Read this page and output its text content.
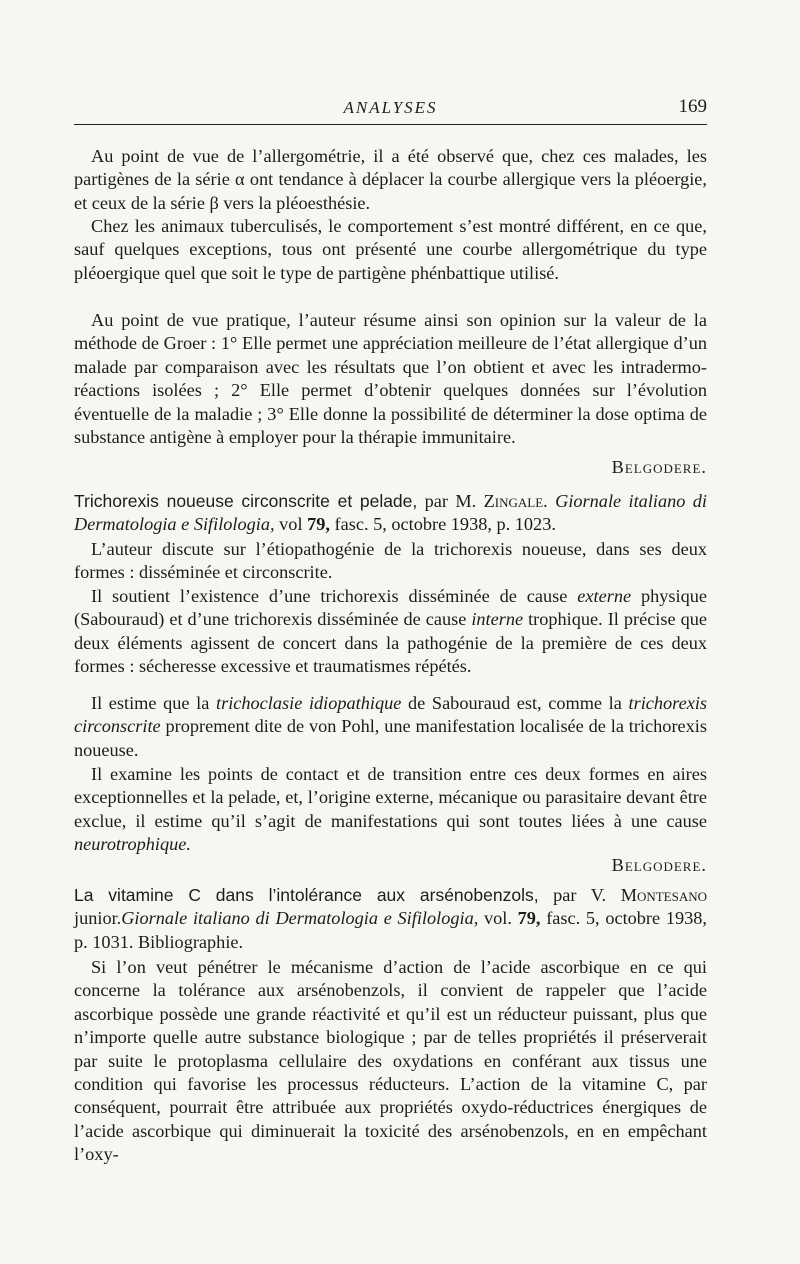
ANALYSES	169

Au point de vue de l’allergométrie, il a été observé que, chez ces malades, les partigènes de la série α ont tendance à déplacer la courbe allergique vers la pléoergie, et ceux de la série β vers la pléoesthésie.

Chez les animaux tuberculisés, le comportement s’est montré différent, en ce que, sauf quelques exceptions, tous ont présenté une courbe allergométrique du type pléoergique quel que soit le type de partigène phénbattique utilisé.

Au point de vue pratique, l’auteur résume ainsi son opinion sur la valeur de la méthode de Groer : 1° Elle permet une appréciation meilleure de l’état allergique d’un malade par comparaison avec les résultats que l’on obtient et avec les intradermo-réactions isolées ; 2° Elle permet d’obtenir quelques données sur l’évolution éventuelle de la maladie ; 3° Elle donne la possibilité de déterminer la dose optima de substance antigène à employer pour la thérapie immunitaire.

Belgodere.

Trichorexis noueuse circonscrite et pelade, par M. Zingale. Giornale italiano di Dermatologia e Sifilologia, vol 79, fasc. 5, octobre 1938, p. 1023.

L’auteur discute sur l’étiopathogénie de la trichorexis noueuse, dans ses deux formes : disséminée et circonscrite.

Il soutient l’existence d’une trichorexis disséminée de cause externe physique (Sabouraud) et d’une trichorexis disséminée de cause interne trophique. Il précise que deux éléments agissent de concert dans la pathogénie de la première de ces deux formes : sécheresse excessive et traumatismes répétés.

Il estime que la trichoclasie idiopathique de Sabouraud est, comme la trichorexis circonscrite proprement dite de von Pohl, une manifestation localisée de la trichorexis noueuse.

Il examine les points de contact et de transition entre ces deux formes en aires exceptionnelles et la pelade, et, l’origine externe, mécanique ou parasitaire devant être exclue, il estime qu’il s’agit de manifestations qui sont toutes liées à une cause neurotrophique.

Belgodere.

La vitamine C dans l’intolérance aux arsénobenzols, par V. Montesano junior.Giornale italiano di Dermatologia e Sifilologia, vol. 79, fasc. 5, octobre 1938, p. 1031. Bibliographie.

Si l’on veut pénétrer le mécanisme d’action de l’acide ascorbique en ce qui concerne la tolérance aux arsénobenzols, il convient de rappeler que l’acide ascorbique possède une grande réactivité et qu’il est un réducteur puissant, plus que n’importe quelle autre substance biologique ; par de telles propriétés il préserverait par suite le protoplasma cellulaire des oxydations en conférant aux tissus une condition qui favorise les processus réducteurs. L’action de la vitamine C, par conséquent, pourrait être attribuée aux propriétés oxydo-réductrices énergiques de l’acide ascorbique qui diminuerait la toxicité des arsénobenzols, en en empêchant l’oxy-
